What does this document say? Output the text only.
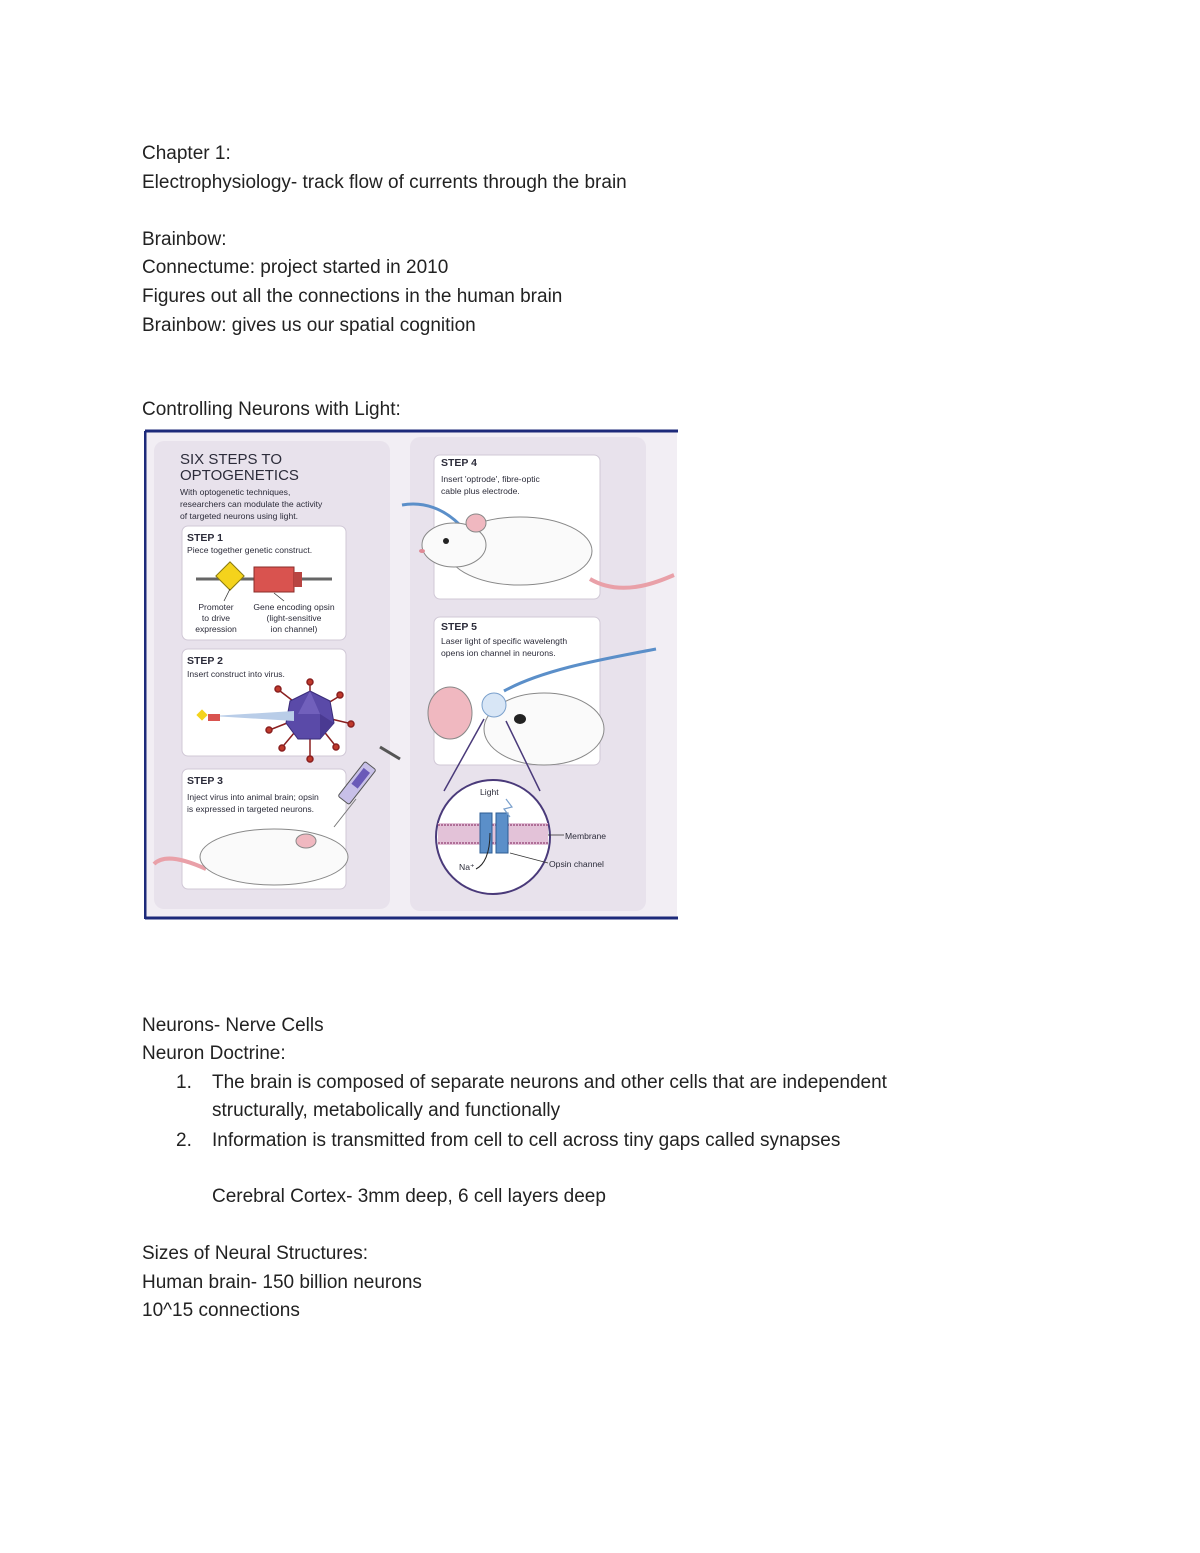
Chapter 1:
Electrophysiology- track flow of currents through the brain
Brainbow:
Connectume: project started in 2010
Figures out all the connections in the human brain
Brainbow: gives us our spatial cognition
Controlling Neurons with Light:
SIX STEPS TO
OPTOGENETICS
With optogenetic techniques,
researchers can modulate the activity
of targeted neurons using light.
STEP 1
Piece together genetic construct.
Promoter
to drive
expression
Gene encoding opsin
(light-sensitive
ion channel)
STEP 2
Insert construct into virus.
STEP 3
Inject virus into animal brain; opsin
is expressed in targeted neurons.
STEP 4
Insert 'optrode', fibre-optic
cable plus electrode.
STEP 5
Laser light of specific wavelength
opens ion channel in neurons.
Light
Membrane
Opsin channel
Na⁺
Neurons- Nerve Cells
Neuron Doctrine:
1. The brain is composed of separate neurons and other cells that are independent
structurally, metabolically and functionally
2. Information is transmitted from cell to cell across tiny gaps called synapses
Cerebral Cortex- 3mm deep, 6 cell layers deep
Sizes of Neural Structures:
Human brain- 150 billion neurons
10^15 connections
